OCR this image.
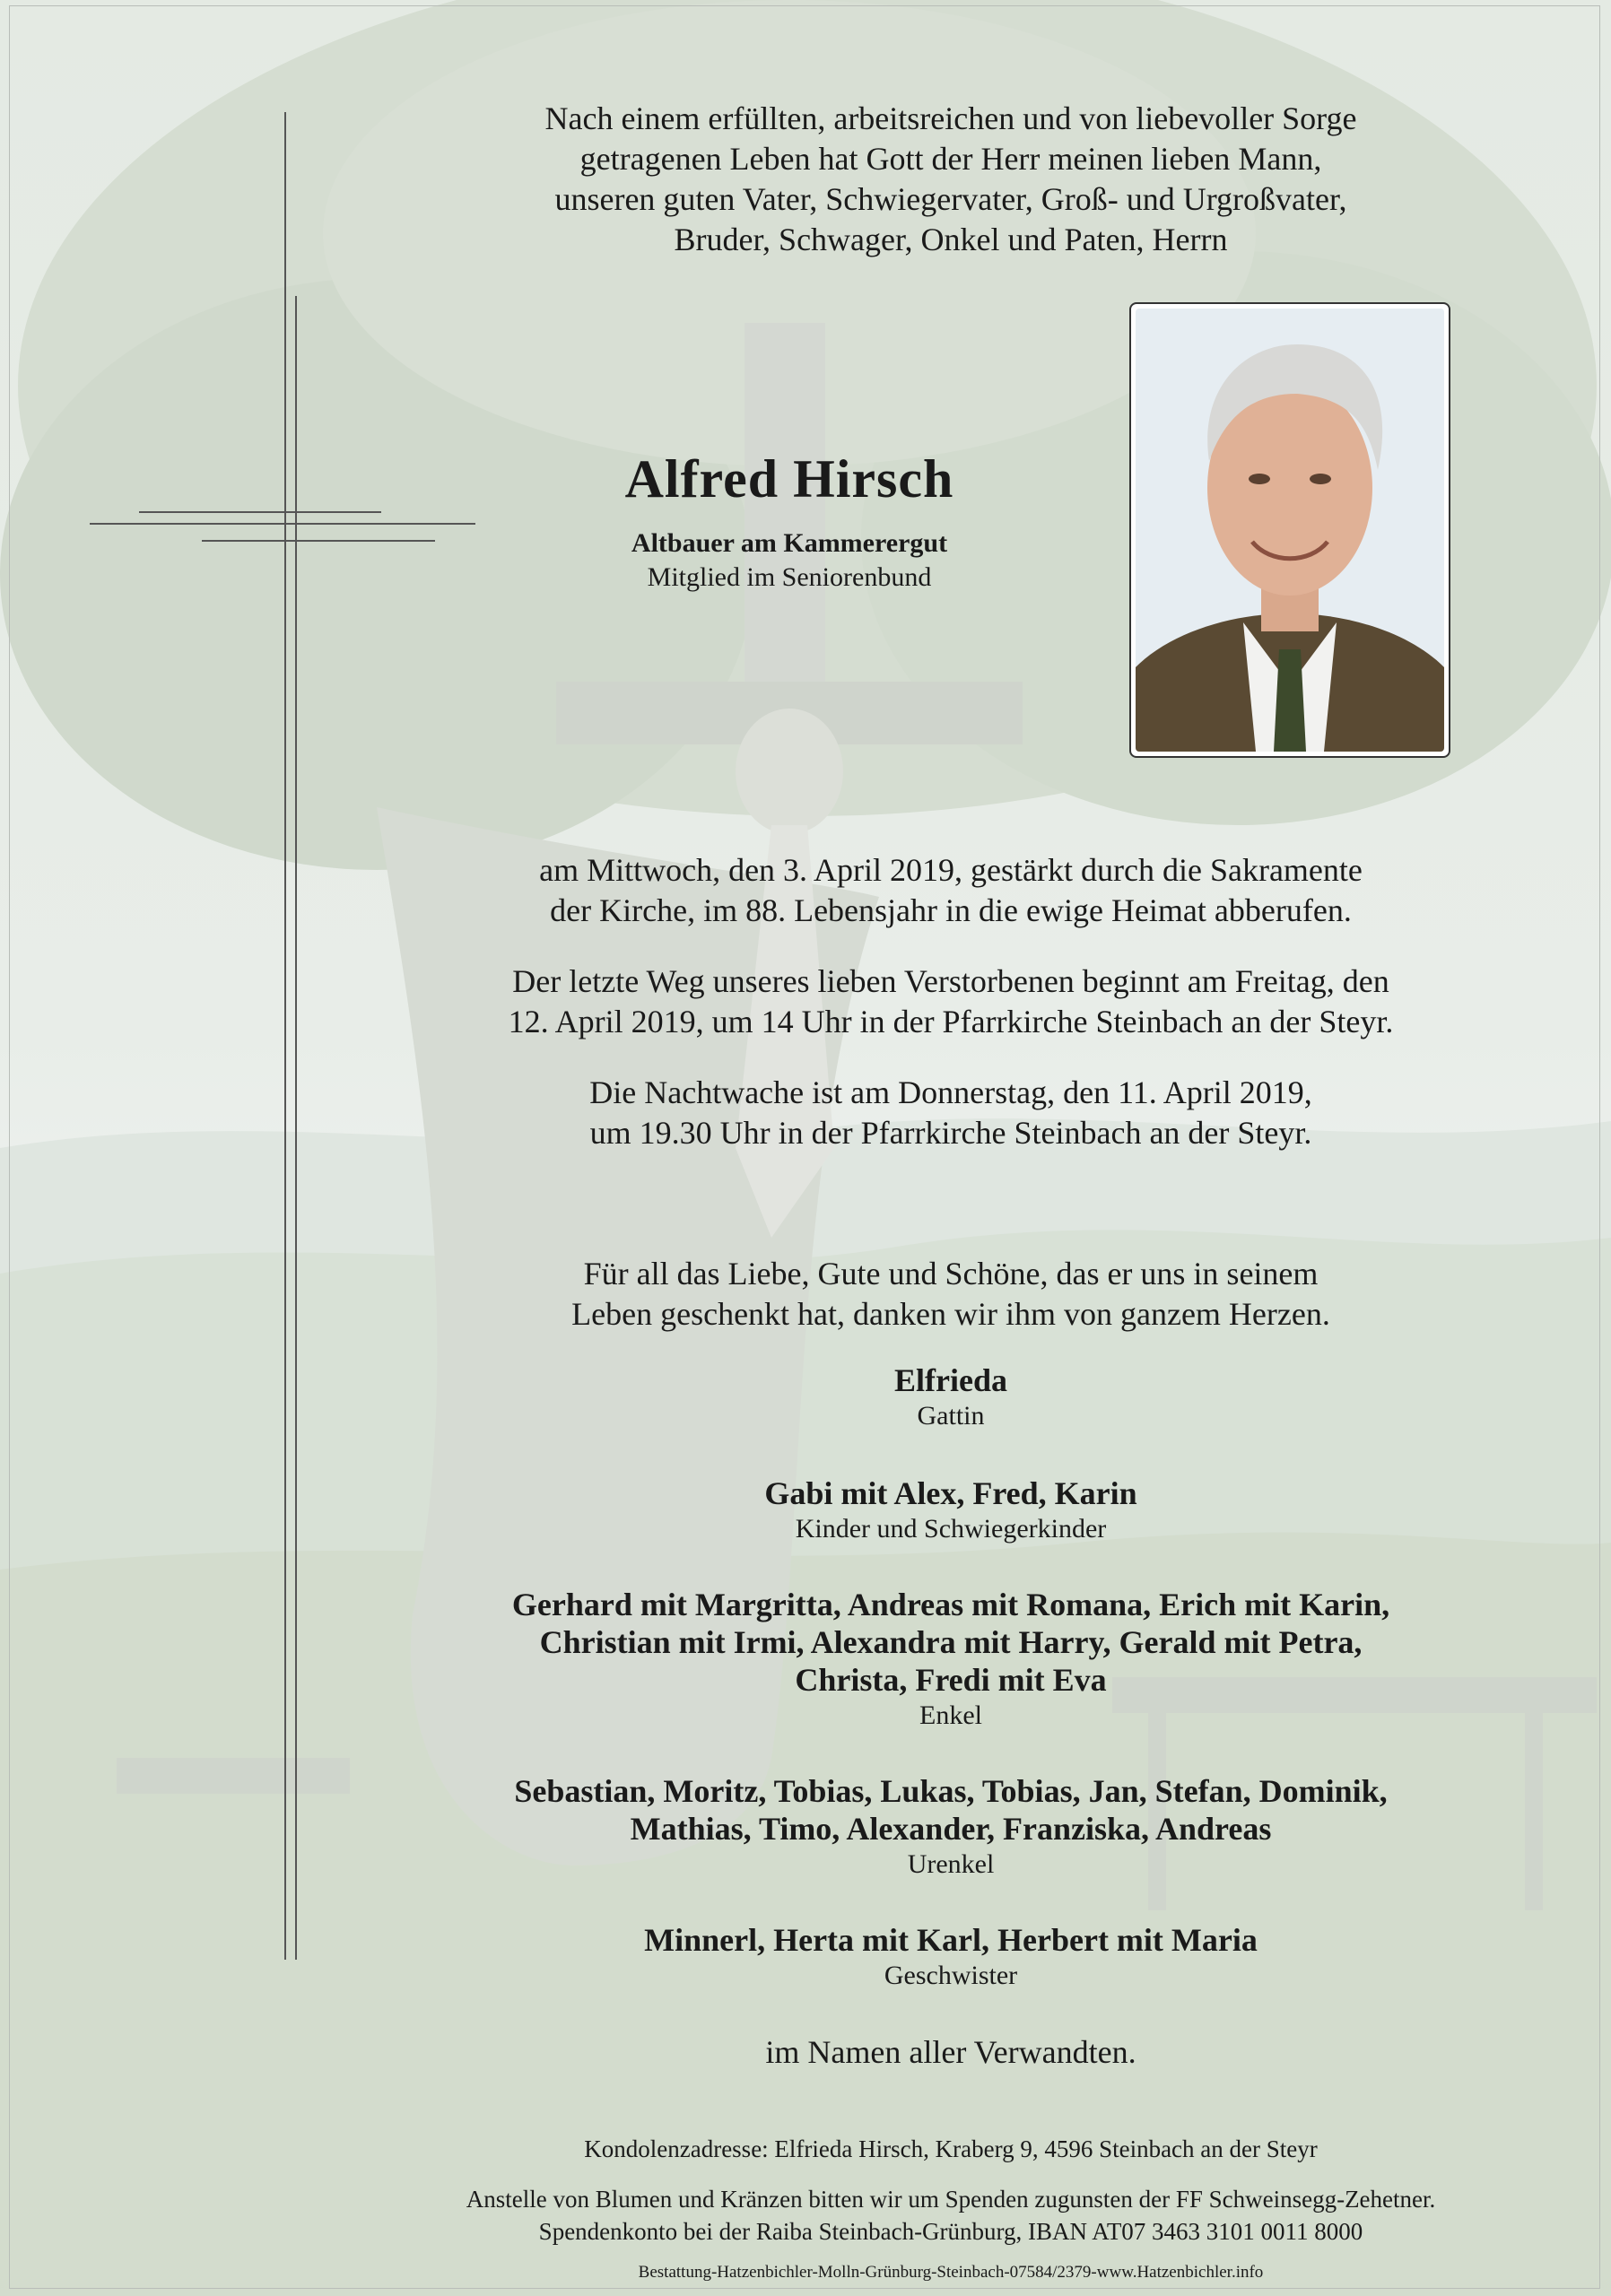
Nach einem erfüllten, arbeitsreichen und von liebevoller Sorge
getragenen Leben hat Gott der Herr meinen lieben Mann,
unseren guten Vater, Schwiegervater, Groß- und Urgroßvater,
Bruder, Schwager, Onkel und Paten, Herrn
Alfred Hirsch
Altbauer am Kammerergut
Mitglied im Seniorenbund
am Mittwoch, den 3. April 2019, gestärkt durch die Sakramente
der Kirche, im 88. Lebensjahr in die ewige Heimat abberufen.
Der letzte Weg unseres lieben Verstorbenen beginnt am Freitag, den
12. April 2019, um 14 Uhr in der Pfarrkirche Steinbach an der Steyr.
Die Nachtwache ist am Donnerstag, den 11. April 2019,
um 19.30 Uhr in der Pfarrkirche Steinbach an der Steyr.
Für all das Liebe, Gute und Schöne, das er uns in seinem
Leben geschenkt hat, danken wir ihm von ganzem Herzen.
Elfrieda
Gattin
Gabi mit Alex, Fred, Karin
Kinder und Schwiegerkinder
Gerhard mit Margritta, Andreas mit Romana, Erich mit Karin,
Christian mit Irmi, Alexandra mit Harry, Gerald mit Petra,
Christa, Fredi mit Eva
Enkel
Sebastian, Moritz, Tobias, Lukas, Tobias, Jan, Stefan, Dominik,
Mathias, Timo, Alexander, Franziska, Andreas
Urenkel
Minnerl, Herta mit Karl, Herbert mit Maria
Geschwister
im Namen aller Verwandten.
Kondolenzadresse: Elfrieda Hirsch, Kraberg 9, 4596 Steinbach an der Steyr
Anstelle von Blumen und Kränzen bitten wir um Spenden zugunsten der FF Schweinsegg-Zehetner.
Spendenkonto bei der Raiba Steinbach-Grünburg, IBAN AT07 3463 3101 0011 8000
Bestattung-Hatzenbichler-Molln-Grünburg-Steinbach-07584/2379-www.Hatzenbichler.info
